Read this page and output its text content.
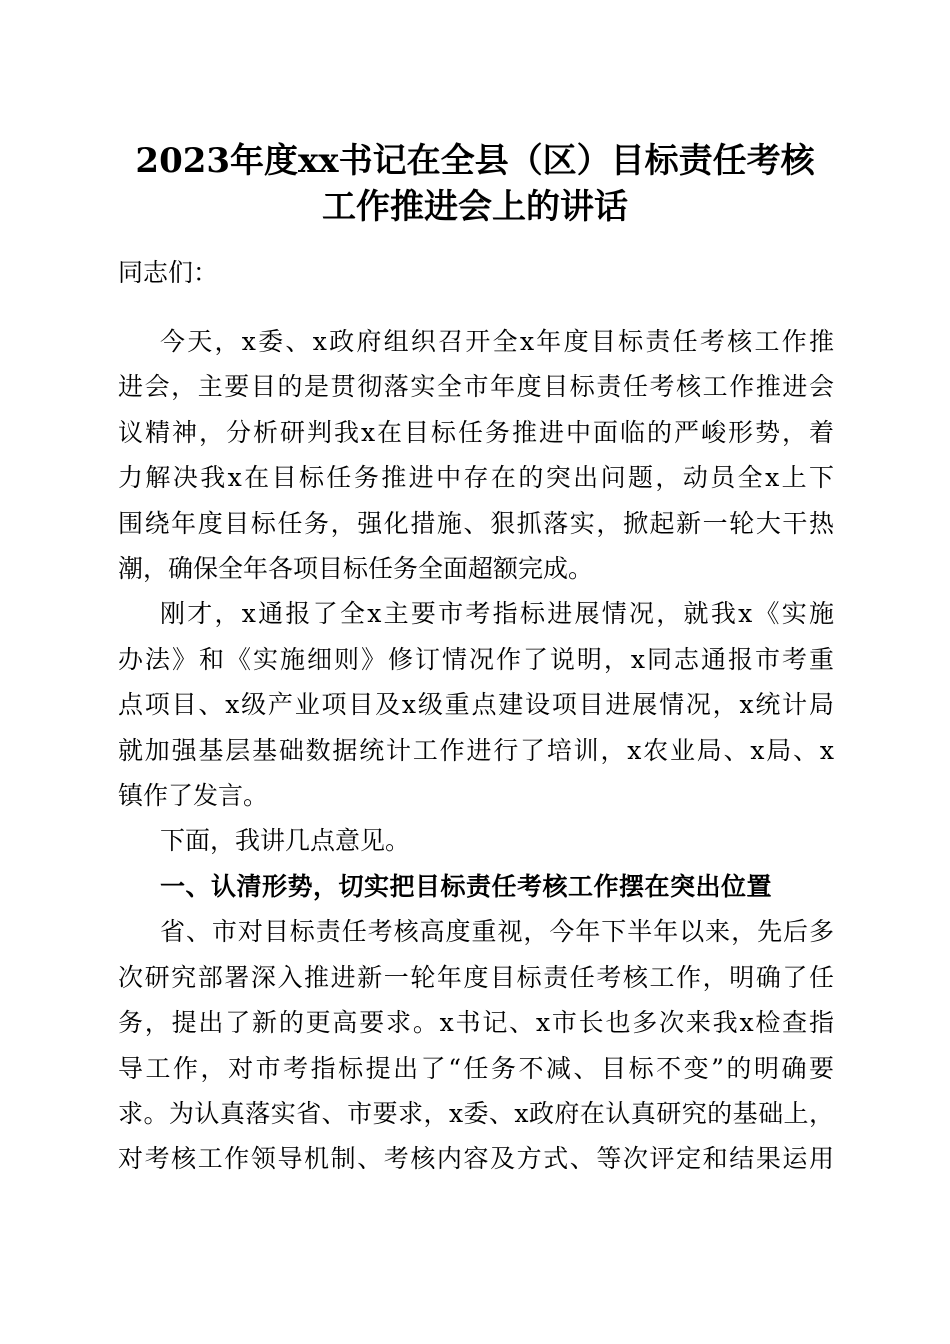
2023年度xx书记在全县（区）目标责任考核
工作推进会上的讲话
同志们：
今天，x委、x政府组织召开全x年度目标责任考核工作推
进会，主要目的是贯彻落实全市年度目标责任考核工作推进会
议精神，分析研判我x在目标任务推进中面临的严峻形势，着
力解决我x在目标任务推进中存在的突出问题，动员全x上下
围绕年度目标任务，强化措施、狠抓落实，掀起新一轮大干热
潮，确保全年各项目标任务全面超额完成。
刚才，x通报了全x主要市考指标进展情况，就我x《实施
办法》和《实施细则》修订情况作了说明，x同志通报市考重
点项目、x级产业项目及x级重点建设项目进展情况，x统计局
就加强基层基础数据统计工作进行了培训，x农业局、x局、x
镇作了发言。
下面，我讲几点意见。
一、认清形势，切实把目标责任考核工作摆在突出位置
省、市对目标责任考核高度重视，今年下半年以来，先后多
次研究部署深入推进新一轮年度目标责任考核工作，明确了任
务，提出了新的更高要求。x书记、x市长也多次来我x检查指
导工作，对市考指标提出了“任务不减、目标不变”的明确要
求。为认真落实省、市要求，x委、x政府在认真研究的基础上，
对考核工作领导机制、考核内容及方式、等次评定和结果运用
